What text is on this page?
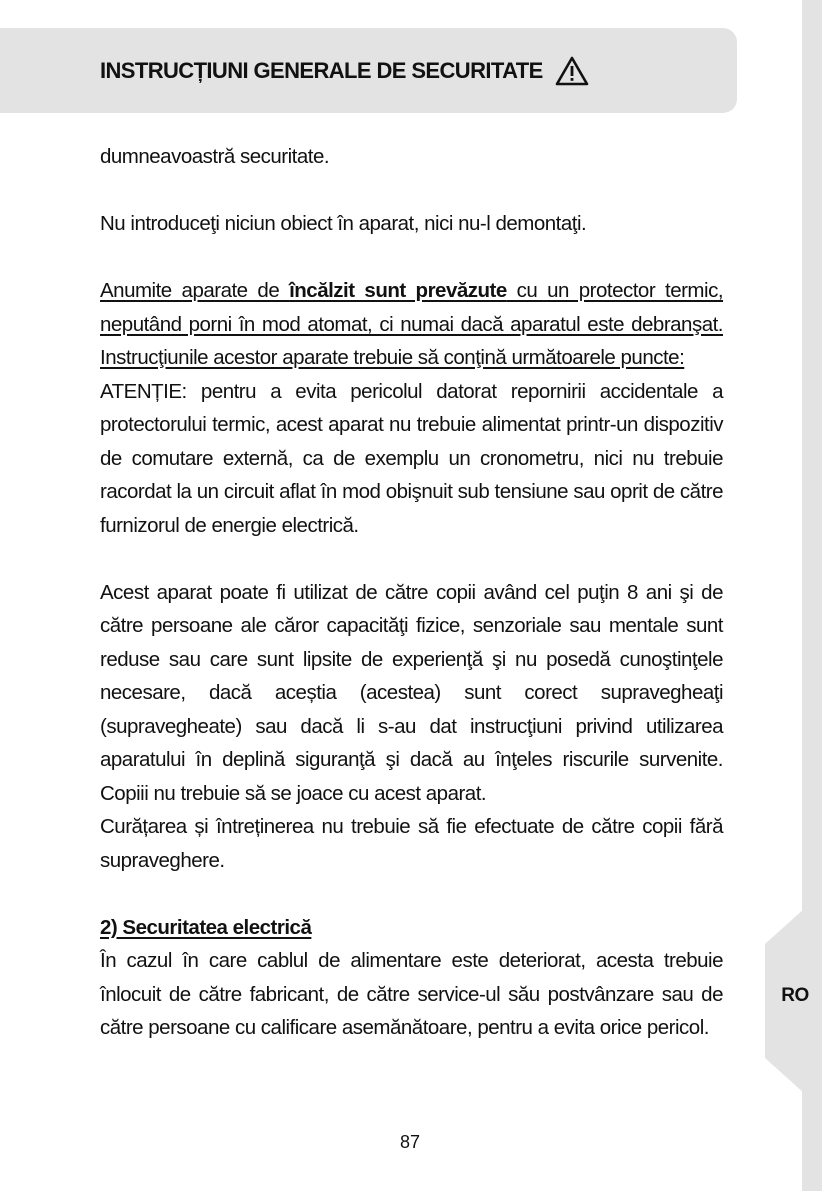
RO
INSTRUCȚIUNI GENERALE DE SECURITATE

dumneavoastră securitate.

Nu introduceţi niciun obiect în aparat, nici nu-l demontaţi.

Anumite aparate de încălzit sunt prevăzute cu un protector termic, neputând porni în mod atomat, ci numai dacă aparatul este debranşat. Instrucţiunile acestor aparate trebuie să conţină următoarele puncte:

ATENȚIE: pentru a evita pericolul datorat repornirii accidentale a protectorului termic, acest aparat nu trebuie alimentat printr-un dispozitiv de comutare externă, ca de exemplu un cronometru, nici nu trebuie racordat la un circuit aflat în mod obişnuit sub tensiune sau oprit de către furnizorul de energie electrică.

Acest aparat poate fi utilizat de către copii având cel puţin 8 ani şi de către persoane ale căror capacităţi fizice, senzoriale sau mentale sunt reduse sau care sunt lipsite de experienţă şi nu posedă cunoştinţele necesare, dacă aceștia (acestea) sunt corect supravegheaţi (supravegheate) sau dacă li s-au dat instrucţiuni privind utilizarea aparatului în deplină siguranţă şi dacă au înţeles riscurile survenite. Copiii nu trebuie să se joace cu acest aparat.

Curățarea și întreținerea nu trebuie să fie efectuate de către copii fără supraveghere.

2) Securitatea electrică

În cazul în care cablul de alimentare este deteriorat, acesta trebuie înlocuit de către fabricant, de către service-ul său postvânzare sau de către persoane cu calificare asemănătoare, pentru a evita orice pericol.

87
